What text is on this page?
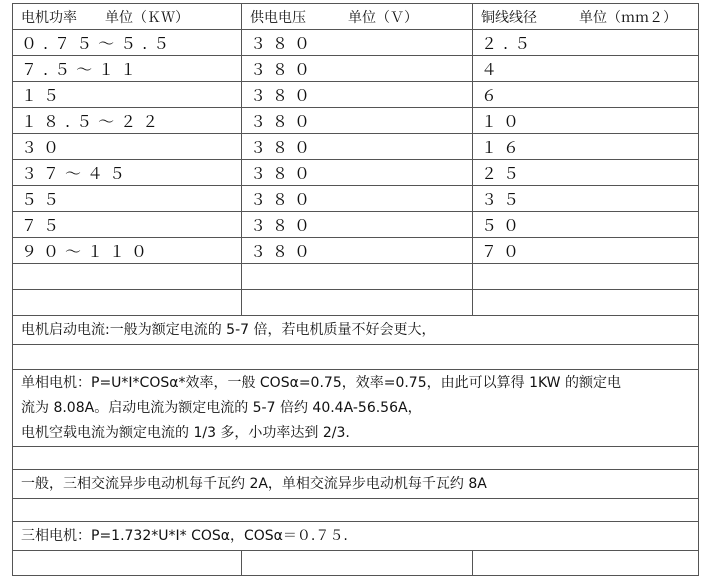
电机功率　　单位（ＫＷ）	供电电压　　　单位（Ｖ）	铜线线径　　　单位（ｍｍ２）
０.７５～５.５	３８０	２.５
７.５～１１	３８０	４
１５	３８０	６
１８.５～２２	３８０	１０
３０	３８０	１６
３７～４５	３８０	２５
５５	３８０	３５
７５	３８０	５０
９０～１１０	３８０	７０

电机启动电流:一般为额定电流的 5-7 倍，若电机质量不好会更大，		

单相电机：P=U*I*COSα*效率，一般 COSα=0.75，效率=0.75，由此可以算得 1KW 的额定电
流为 8.08A。启动电流为额定电流的 5-7 倍约 40.4A-56.56A，
电机空载电流为额定电流的 1/3 多，小功率达到 2/3.		

一般，三相交流异步电动机每千瓦约 2A，单相交流异步电动机每千瓦约 8A		

三相电机：P=1.732*U*I* COSα，COSα＝０.７５.		
